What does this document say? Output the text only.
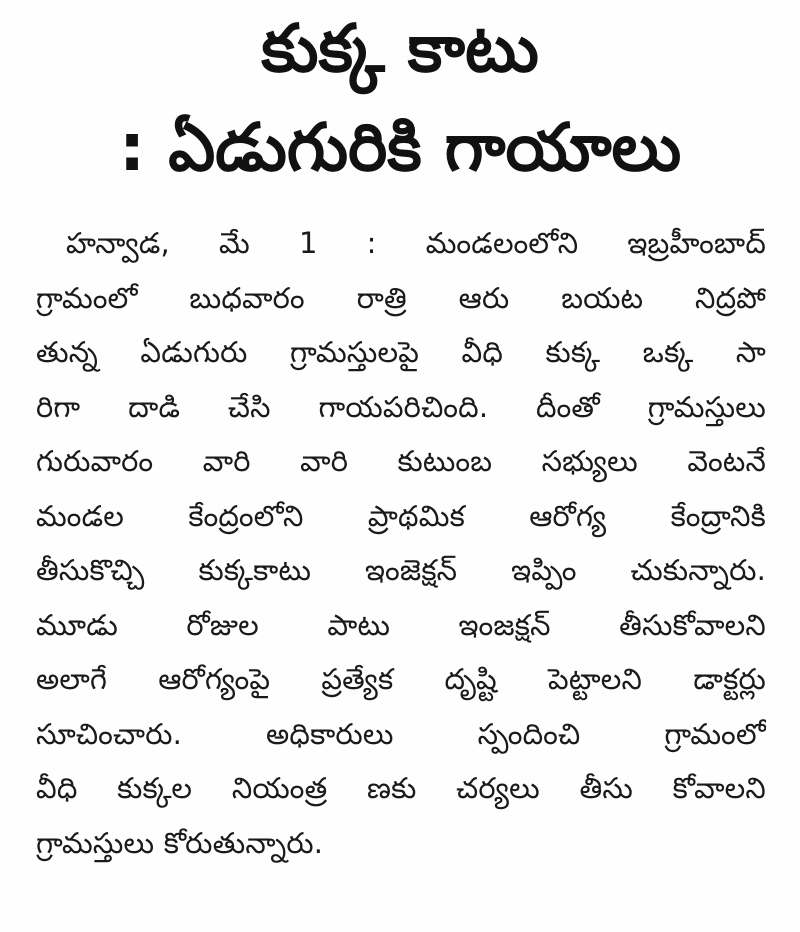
కుక్క కాటు
: ఏడుగురికి గాయాలు
హన్వాడ, మే 1 : మండలంలోని ఇబ్రహీంబాద్
గ్రామంలో బుధవారం రాత్రి ఆరు బయట నిద్రపో
తున్న ఏడుగురు గ్రామస్తులపై వీధి కుక్క ఒక్క సా
రిగా దాడి చేసి గాయపరిచింది. దీంతో గ్రామస్తులు
గురువారం వారి వారి కుటుంబ సభ్యులు వెంటనే
మండల కేంద్రంలోని ప్రాథమిక ఆరోగ్య కేంద్రానికి
తీసుకొచ్చి కుక్కకాటు ఇంజెక్షన్ ఇప్పిం చుకున్నారు.
మూడు రోజుల పాటు ఇంజక్షన్ తీసుకోవాలని
అలాగే ఆరోగ్యంపై ప్రత్యేక దృష్టి పెట్టాలని డాక్టర్లు
సూచించారు. అధికారులు స్పందించి గ్రామంలో
వీధి కుక్కల నియంత్ర ణకు చర్యలు తీసు కోవాలని
గ్రామస్తులు కోరుతున్నారు.
